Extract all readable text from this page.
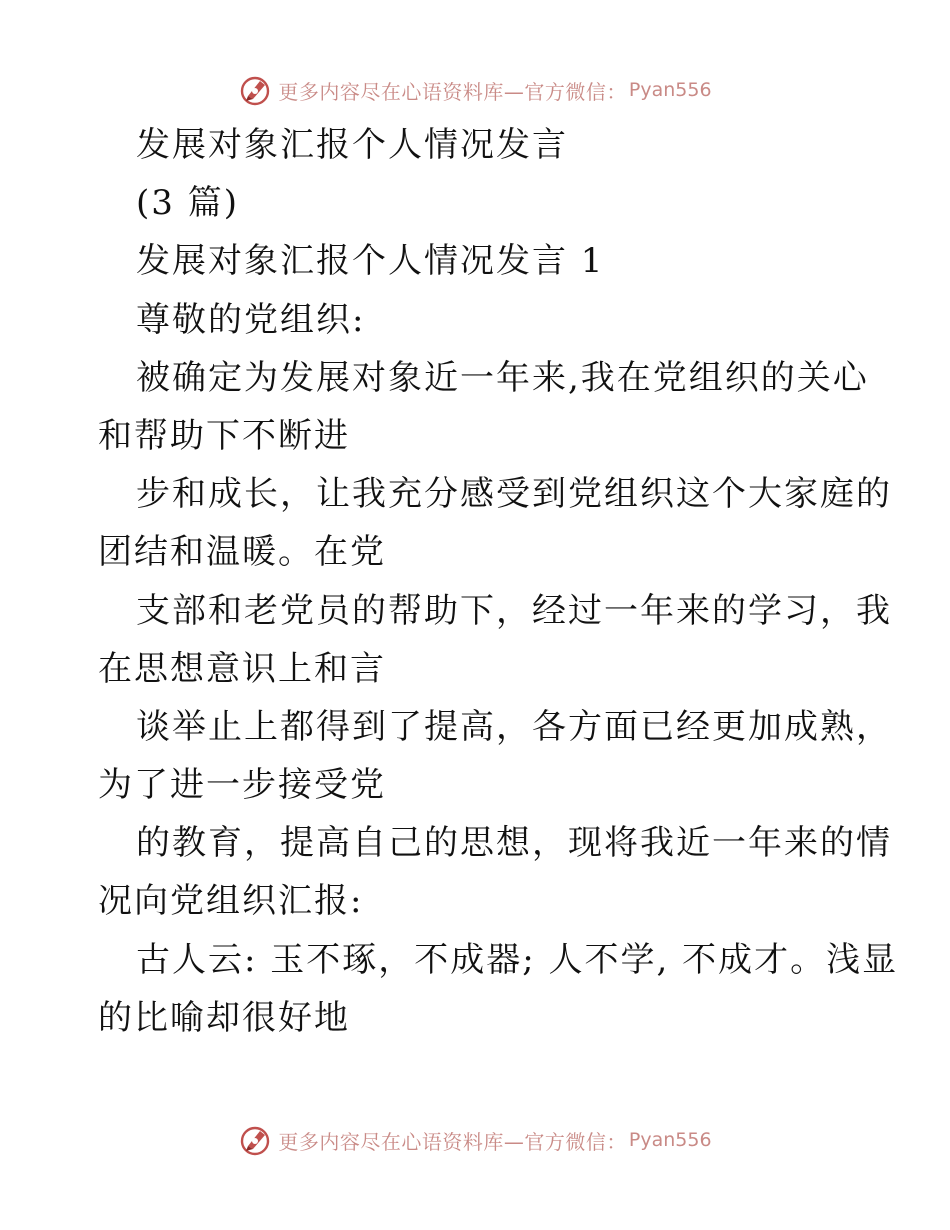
更多内容尽在心语资料库—官方微信： Pyan556
发展对象汇报个人情况发言
(3 篇)
发展对象汇报个人情况发言 1
尊敬的党组织:
被确定为发展对象近一年来,我在党组织的关心
和帮助下不断进
步和成长，让我充分感受到党组织这个大家庭的
团结和温暖。在党
支部和老党员的帮助下，经过一年来的学习，我
在思想意识上和言
谈举止上都得到了提高，各方面已经更加成熟，
为了进一步接受党
的教育，提高自己的思想，现将我近一年来的情
况向党组织汇报:
古人云: 玉不琢，不成器; 人不学, 不成才。浅显
的比喻却很好地
更多内容尽在心语资料库—官方微信： Pyan556
